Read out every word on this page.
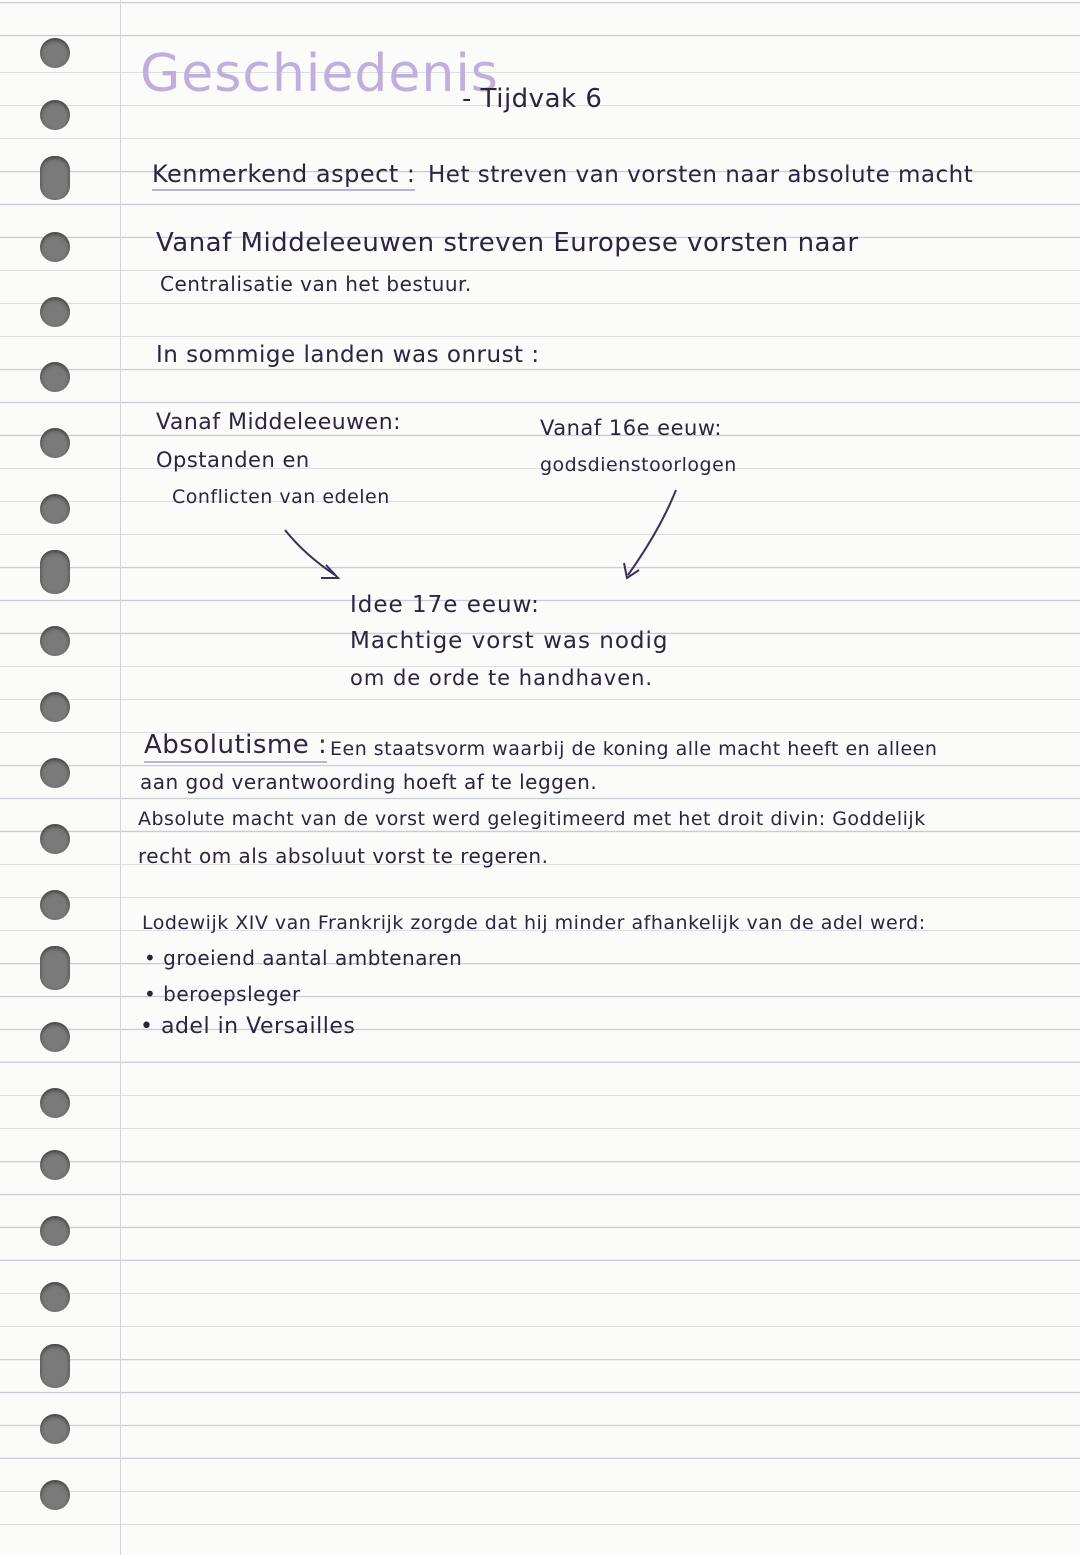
Geschiedenis
- Tijdvak 6
Kenmerkend aspect : Het streven van vorsten naar absolute macht
Vanaf Middeleeuwen streven Europese vorsten naar
Centralisatie van het bestuur.
In sommige landen was onrust :
Vanaf Middeleeuwen:
Opstanden en
Conflicten van edelen
Vanaf 16e eeuw:
godsdienstoorlogen
Idee 17e eeuw:
Machtige vorst was nodig
om de orde te handhaven.
Absolutisme : Een staatsvorm waarbij de koning alle macht heeft en alleen
aan god verantwoording hoeft af te leggen.
Absolute macht van de vorst werd gelegitimeerd met het droit divin: Goddelijk
recht om als absoluut vorst te regeren.
Lodewijk XIV van Frankrijk zorgde dat hij minder afhankelijk van de adel werd:
• groeiend aantal ambtenaren
• beroepsleger
• adel in Versailles
